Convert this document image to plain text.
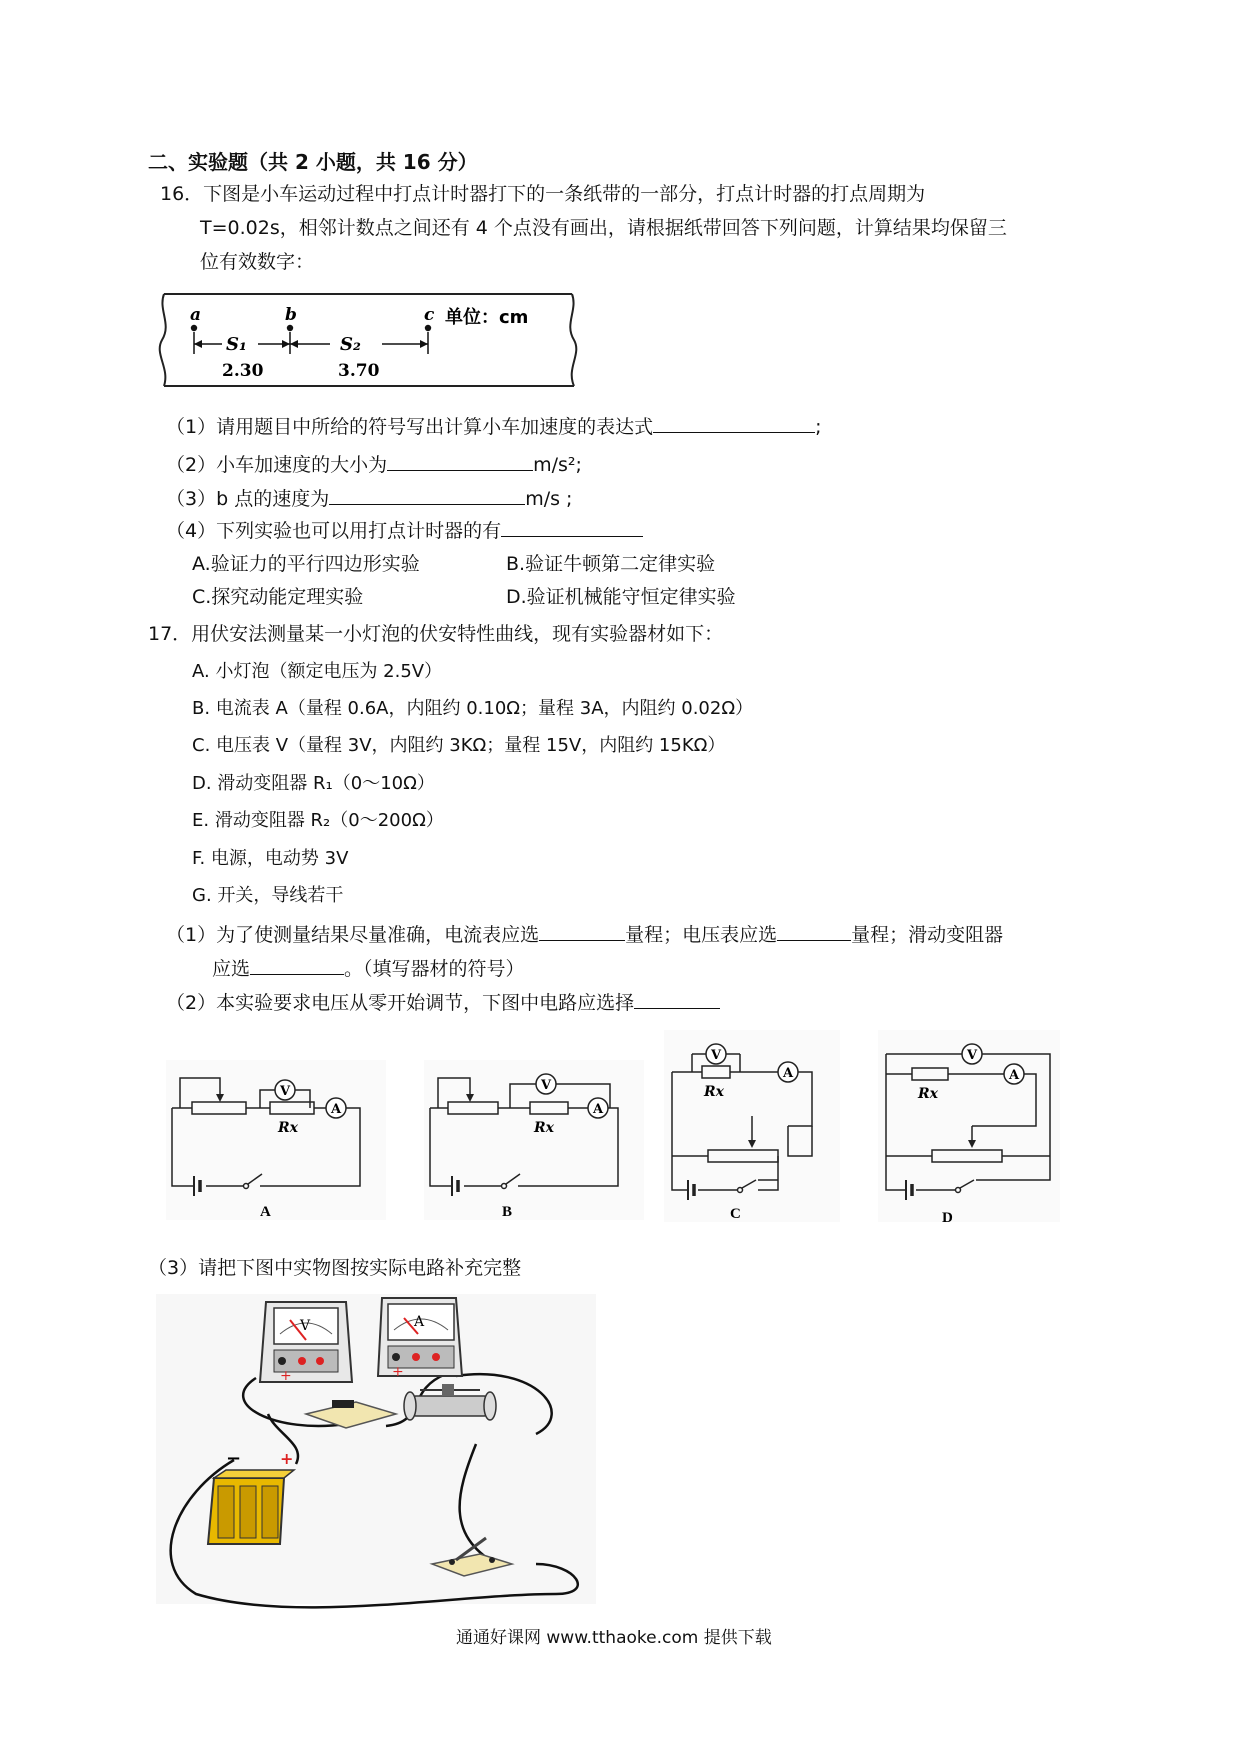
二、实验题（共 2 小题，共 16 分）
16．下图是小车运动过程中打点计时器打下的一条纸带的一部分，打点计时器的打点周期为
T=0.02s，相邻计数点之间还有 4 个点没有画出，请根据纸带回答下列问题，计算结果均保留三
位有效数字：
a	b	c 单位：cm
S₁	S₂
2.30	3.70
（1）请用题目中所给的符号写出计算小车加速度的表达式	;
（2）小车加速度的大小为	m/s²;
（3）b 点的速度为	m/s ;
（4）下列实验也可以用打点计时器的有
A.验证力的平行四边形实验	B.验证牛顿第二定律实验
C.探究动能定理实验	D.验证机械能守恒定律实验
17．用伏安法测量某一小灯泡的伏安特性曲线，现有实验器材如下：
A. 小灯泡（额定电压为 2.5V）
B. 电流表 A（量程 0.6A，内阻约 0.10Ω；量程 3A，内阻约 0.02Ω）
C. 电压表 V（量程 3V，内阻约 3KΩ；量程 15V，内阻约 15KΩ）
D. 滑动变阻器 R₁（0～10Ω）
E. 滑动变阻器 R₂（0～200Ω）
F. 电源，电动势 3V
G. 开关，导线若干
（1）为了使测量结果尽量准确，电流表应选	量程；电压表应选	量程；滑动变阻器
应选	。（填写器材的符号）
（2）本实验要求电压从零开始调节，下图中电路应选择
V
Rx
A
A
V
Rx
A
B
V
Rx
A
C
V
Rx
A
D
（3）请把下图中实物图按实际电路补充完整
V
+
A
+
− +
通通好课网 www.tthaoke.com 提供下载
